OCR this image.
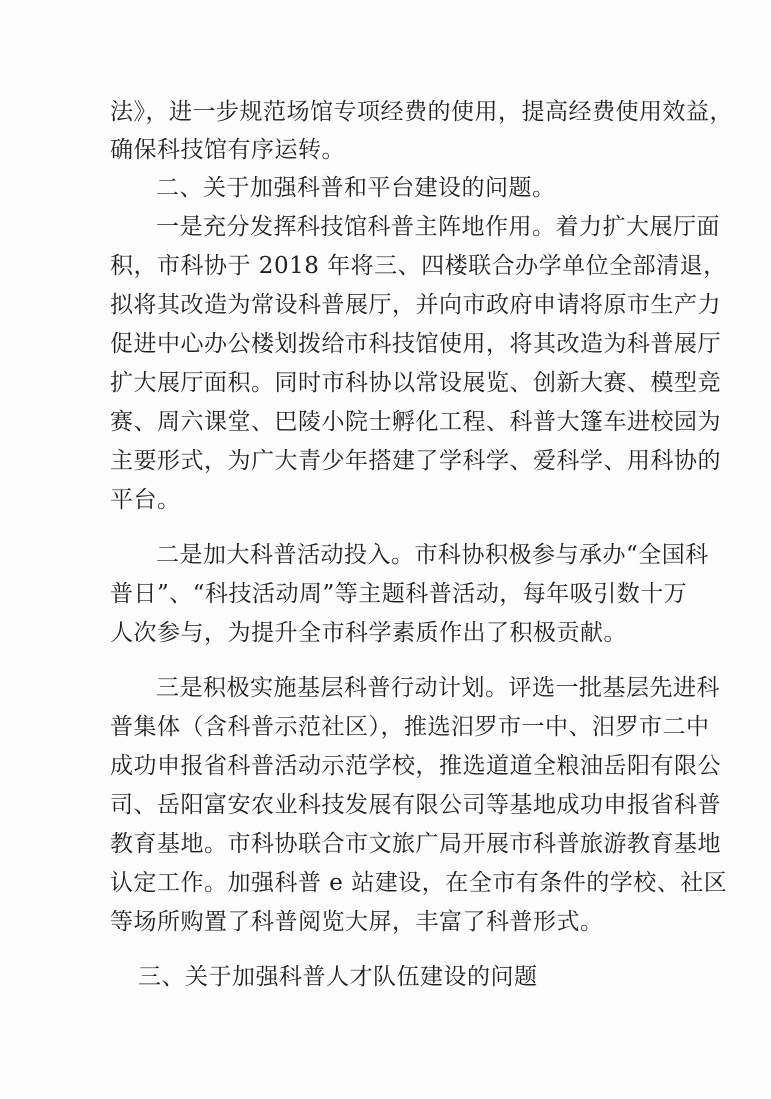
法》，进一步规范场馆专项经费的使用，提高经费使用效益，
确保科技馆有序运转。
二、关于加强科普和平台建设的问题。
一是充分发挥科技馆科普主阵地作用。着力扩大展厅面
积，市科协于 2018 年将三、四楼联合办学单位全部清退，
拟将其改造为常设科普展厅，并向市政府申请将原市生产力
促进中心办公楼划拨给市科技馆使用，将其改造为科普展厅
扩大展厅面积。同时市科协以常设展览、创新大赛、模型竞
赛、周六课堂、巴陵小院士孵化工程、科普大篷车进校园为
主要形式，为广大青少年搭建了学科学、爱科学、用科协的
平台。
二是加大科普活动投入。市科协积极参与承办“全国科
普日”、“科技活动周”等主题科普活动，每年吸引数十万
人次参与，为提升全市科学素质作出了积极贡献。
三是积极实施基层科普行动计划。评选一批基层先进科
普集体（含科普示范社区），推选汨罗市一中、汨罗市二中
成功申报省科普活动示范学校，推选道道全粮油岳阳有限公
司、岳阳富安农业科技发展有限公司等基地成功申报省科普
教育基地。市科协联合市文旅广局开展市科普旅游教育基地
认定工作。加强科普 e 站建设，在全市有条件的学校、社区
等场所购置了科普阅览大屏，丰富了科普形式。
三、关于加强科普人才队伍建设的问题
